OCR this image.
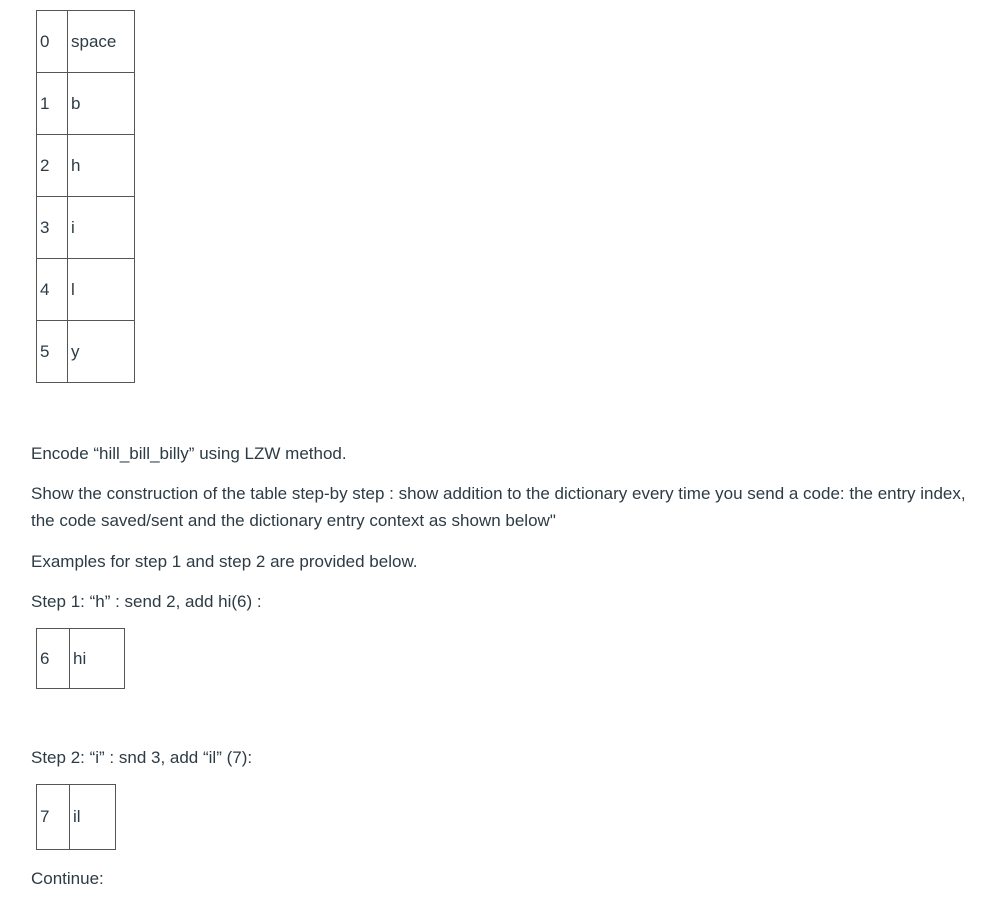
0	space
1	b
2	h
3	i
4	l
5	y

Encode “hill_bill_billy” using LZW method.

Show the construction of the table step-by step : show addition to the dictionary every time you send a code: the entry index, the code saved/sent and the dictionary entry context as shown below"

Examples for step 1 and step 2 are provided below.

Step 1: “h” : send 2, add hi(6) :

6	hi

Step 2: “i” : snd 3, add “il” (7):

7	il

Continue:
